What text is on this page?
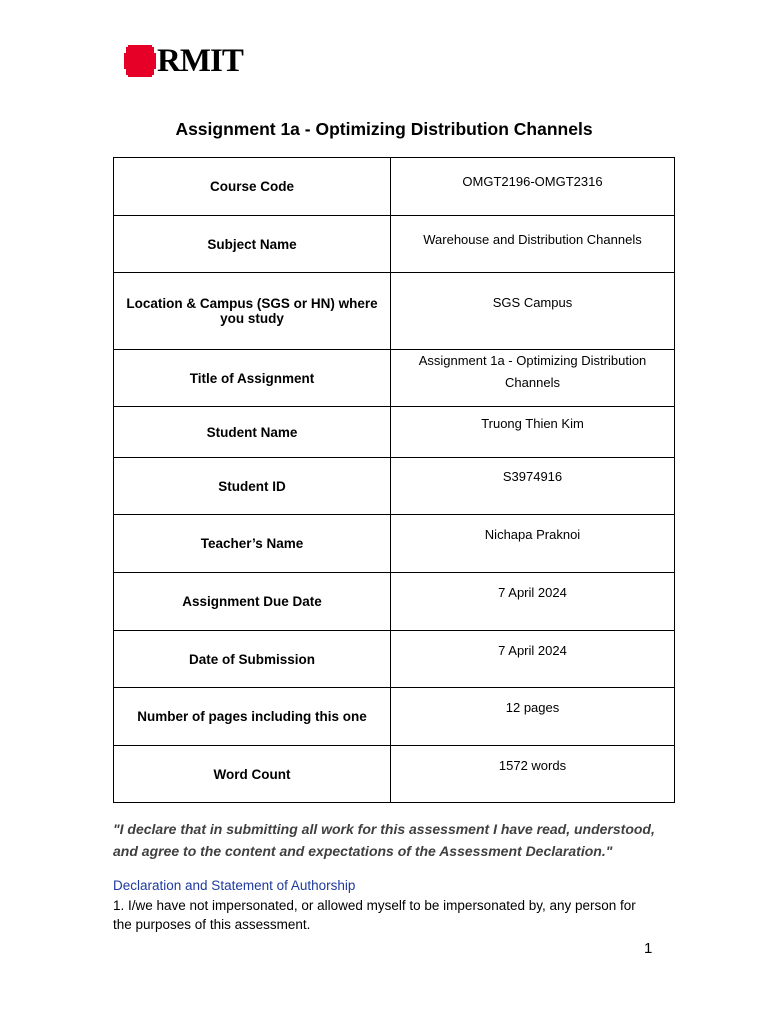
RMIT
Assignment 1a - Optimizing Distribution Channels
Course Code	OMGT2196-OMGT2316
Subject Name	Warehouse and Distribution Channels
Location & Campus (SGS or HN) where you study	SGS Campus
Title of Assignment	Assignment 1a - Optimizing Distribution Channels
Student Name	Truong Thien Kim
Student ID	S3974916
Teacher’s Name	Nichapa Praknoi
Assignment Due Date	7 April 2024
Date of Submission	7 April 2024
Number of pages including this one	12 pages
Word Count	1572 words
"I declare that in submitting all work for this assessment I have read, understood, and agree to the content and expectations of the Assessment Declaration."
Declaration and Statement of Authorship
1. I/we have not impersonated, or allowed myself to be impersonated by, any person for the purposes of this assessment.
1
